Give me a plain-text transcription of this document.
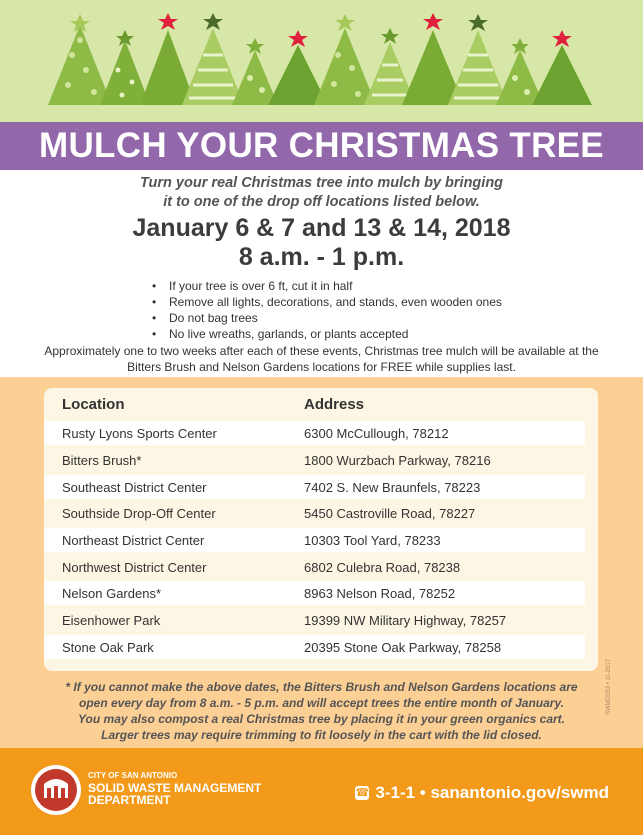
MULCH YOUR CHRISTMAS TREE
Turn your real Christmas tree into mulch by bringing
it to one of the drop off locations listed below.
January 6 & 7 and 13 & 14, 2018
8 a.m. - 1 p.m.
• If your tree is over 6 ft, cut it in half
• Remove all lights, decorations, and stands, even wooden ones
• Do not bag trees
• No live wreaths, garlands, or plants accepted
Approximately one to two weeks after each of these events, Christmas tree mulch will be available at the
Bitters Brush and Nelson Gardens locations for FREE while supplies last.
Location	Address
Rusty Lyons Sports Center	6300 McCullough, 78212
Bitters Brush*	1800 Wurzbach Parkway, 78216
Southeast District Center	7402 S. New Braunfels, 78223
Southside Drop-Off Center	5450 Castroville Road, 78227
Northeast District Center	10303 Tool Yard, 78233
Northwest District Center	6802 Culebra Road, 78238
Nelson Gardens*	8963 Nelson Road, 78252
Eisenhower Park	19399 NW Military Highway, 78257
Stone Oak Park	20395 Stone Oak Parkway, 78258
* If you cannot make the above dates, the Bitters Brush and Nelson Gardens locations are
open every day from 8 a.m. - 5 p.m. and will accept trees the entire month of January.
You may also compost a real Christmas tree by placing it in your green organics cart.
Larger trees may require trimming to fit loosely in the cart with the lid closed.
SWMD053 • 11-2017
CITY OF SAN ANTONIO
SOLID WASTE MANAGEMENT
DEPARTMENT	☎ 3-1-1 • sanantonio.gov/swmd
